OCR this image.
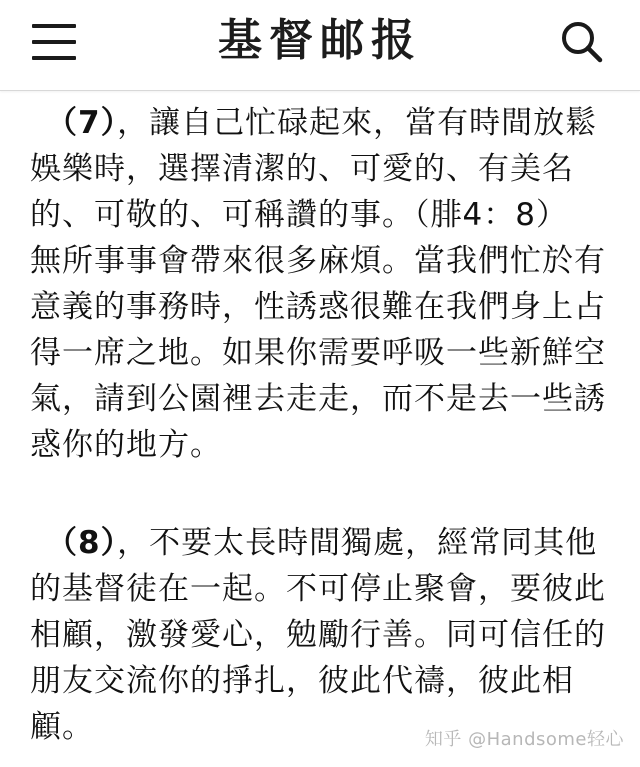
基督邮报
（7），讓自己忙碌起來，當有時間放鬆
娛樂時，選擇清潔的、可愛的、有美名
的、可敬的、可稱讚的事。（腓4：8）
無所事事會帶來很多麻煩。當我們忙於有
意義的事務時，性誘惑很難在我們身上占
得一席之地。如果你需要呼吸一些新鮮空
氣，請到公園裡去走走，而不是去一些誘
惑你的地方。
（8），不要太長時間獨處，經常同其他
的基督徒在一起。不可停止聚會，要彼此
相顧，激發愛心，勉勵行善。同可信任的
朋友交流你的掙扎，彼此代禱，彼此相
顧。	知乎 @Handsome轻心
